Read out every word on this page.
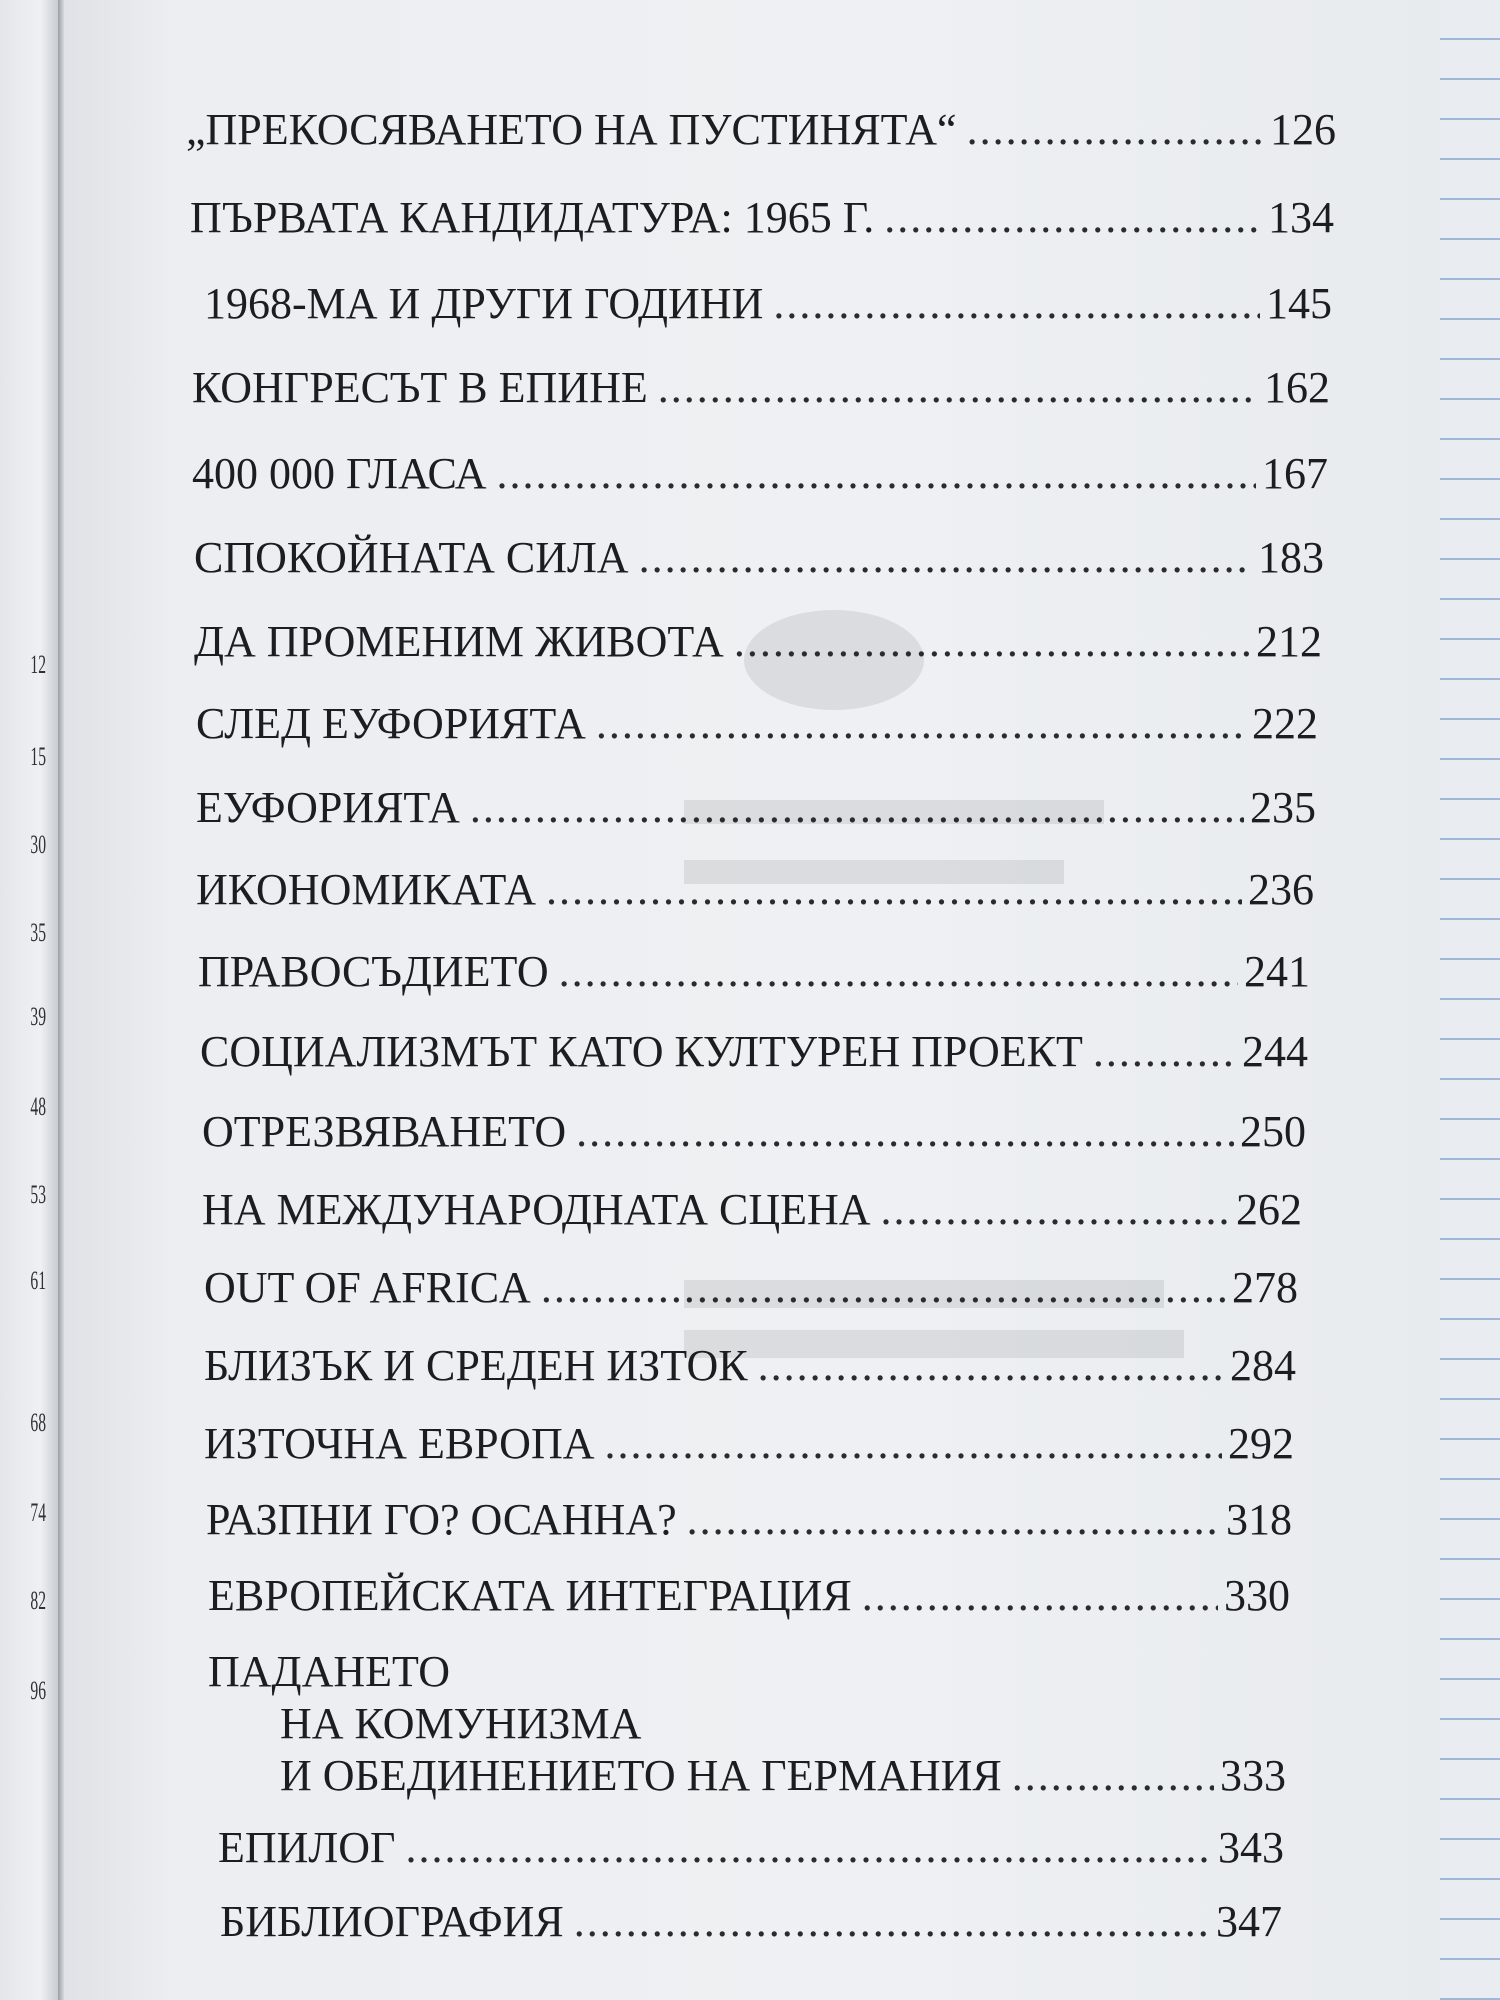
12
15
30
35
39
48
53
61
68
74
82
96
„ПРЕКОСЯВАНЕТО НА ПУСТИНЯТА“ .....	126
ПЪРВАТА КАНДИДАТУРА: 1965 Г. .....	134
1968-МА И ДРУГИ ГОДИНИ .....	145
КОНГРЕСЪТ В ЕПИНЕ .....	162
400 000 ГЛАСА .....	167
СПОКОЙНАТА СИЛА .....	183
ДА ПРОМЕНИМ ЖИВОТА .....	212
СЛЕД ЕУФОРИЯТА .....	222
ЕУФОРИЯТА .....	235
ИКОНОМИКАТА .....	236
ПРАВОСЪДИЕТО .....	241
СОЦИАЛИЗМЪТ КАТО КУЛТУРЕН ПРОЕКТ .....	244
ОТРЕЗВЯВАНЕТО .....	250
НА МЕЖДУНАРОДНАТА СЦЕНА .....	262
OUT OF AFRICA .....	278
БЛИЗЪК И СРЕДЕН ИЗТОК .....	284
ИЗТОЧНА ЕВРОПА .....	292
РАЗПНИ ГО? ОСАННА? .....	318
ЕВРОПЕЙСКАТА ИНТЕГРАЦИЯ .....	330
ПАДАНЕТО
НА КОМУНИЗМА
И ОБЕДИНЕНИЕТО НА ГЕРМАНИЯ .....	333
ЕПИЛОГ .....	343
БИБЛИОГРАФИЯ .....	347
